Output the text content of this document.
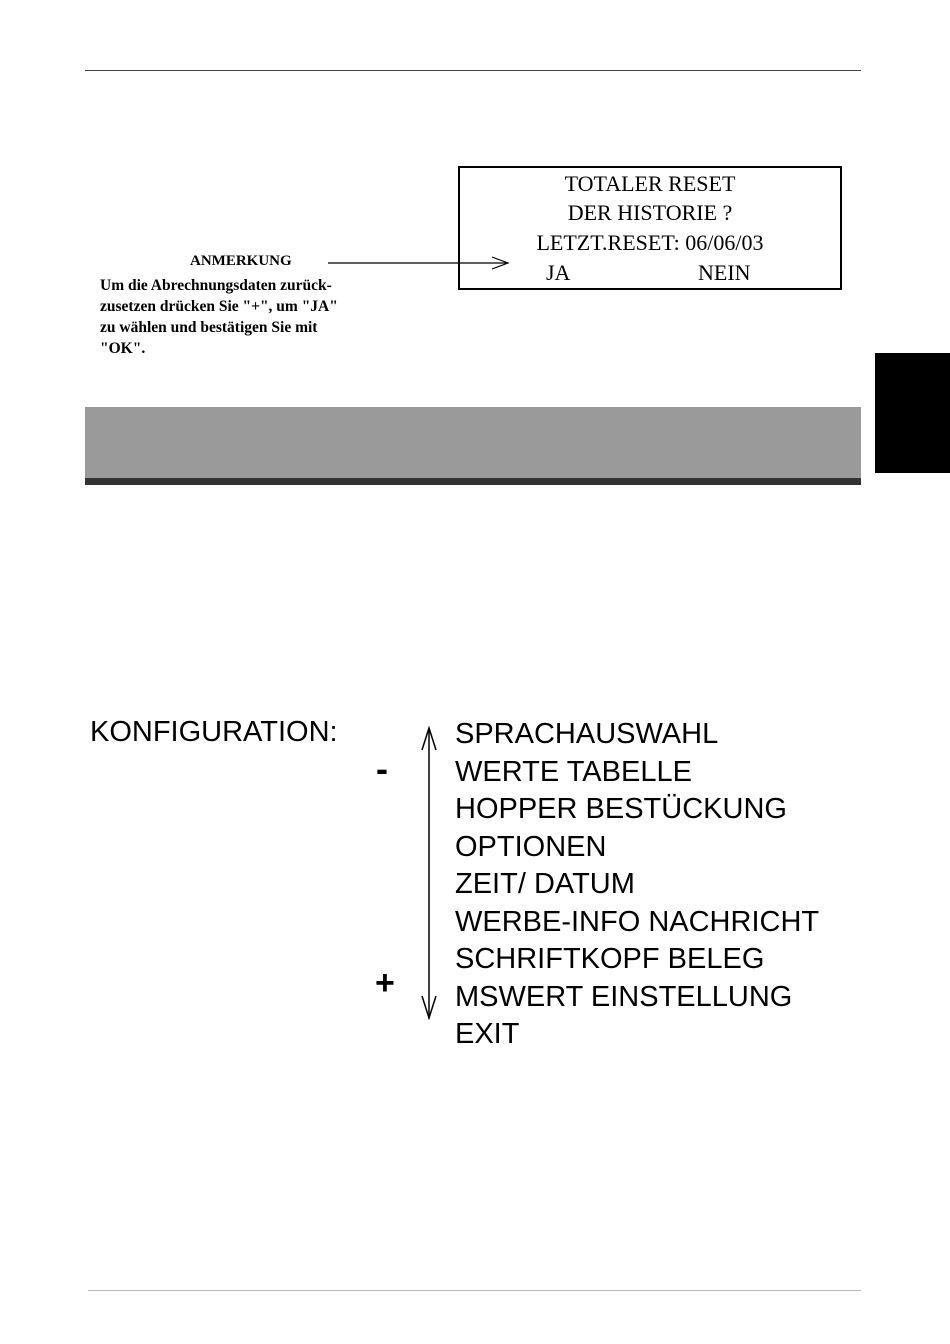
TOTALER RESET
DER HISTORIE ?
LETZT.RESET: 06/06/03
JA	NEIN
ANMERKUNG
Um die Abrechnungsdaten zurück-
zusetzen drücken Sie "+", um "JA"
zu wählen und bestätigen Sie mit
"OK".
KONFIGURATION:
-
+
SPRACHAUSWAHL
WERTE TABELLE
HOPPER BESTÜCKUNG
OPTIONEN
ZEIT/ DATUM
WERBE-INFO NACHRICHT
SCHRIFTKOPF BELEG
MSWERT EINSTELLUNG
EXIT
